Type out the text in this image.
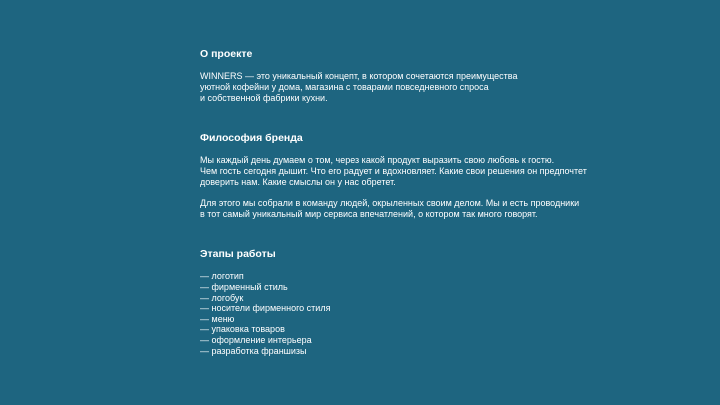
О проекте

WINNERS — это уникальный концепт, в котором сочетаются преимущества
уютной кофейни у дома, магазина с товарами повседневного спроса
и собственной фабрики кухни.

Философия бренда

Мы каждый день думаем о том, через какой продукт выразить свою любовь к гостю.
Чем гость сегодня дышит. Что его радует и вдохновляет. Какие свои решения он предпочтет
доверить нам. Какие смыслы он у нас обретет.

Для этого мы собрали в команду людей, окрыленных своим делом. Мы и есть проводники
в тот самый уникальный мир сервиса впечатлений, о котором так много говорят.

Этапы работы
— логотип
— фирменный стиль
— логобук
— носители фирменного стиля
— меню
— упаковка товаров
— оформление интерьера
— разработка франшизы
